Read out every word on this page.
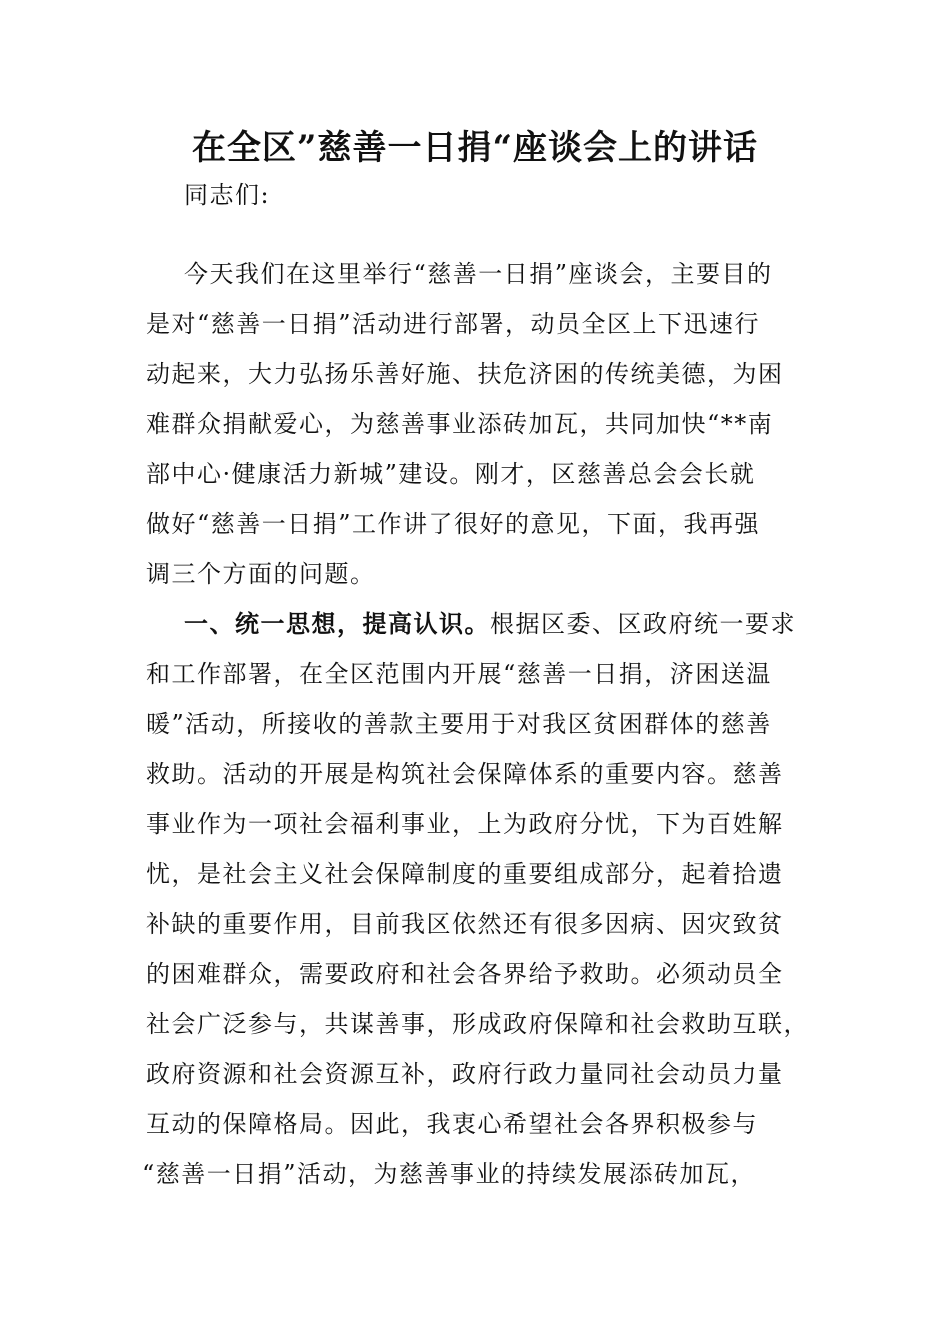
在全区”慈善一日捐“座谈会上的讲话
同志们:
今天我们在这里举行“慈善一日捐”座谈会，主要目的
是对“慈善一日捐”活动进行部署，动员全区上下迅速行
动起来，大力弘扬乐善好施、扶危济困的传统美德，为困
难群众捐献爱心，为慈善事业添砖加瓦，共同加快“**南
部中心·健康活力新城”建设。刚才，区慈善总会会长就
做好“慈善一日捐”工作讲了很好的意见，下面，我再强
调三个方面的问题。
一、统一思想，提高认识。根据区委、区政府统一要求
和工作部署，在全区范围内开展“慈善一日捐，济困送温
暖”活动，所接收的善款主要用于对我区贫困群体的慈善
救助。活动的开展是构筑社会保障体系的重要内容。慈善
事业作为一项社会福利事业，上为政府分忧，下为百姓解
忧，是社会主义社会保障制度的重要组成部分，起着拾遗
补缺的重要作用，目前我区依然还有很多因病、因灾致贫
的困难群众，需要政府和社会各界给予救助。必须动员全
社会广泛参与，共谋善事，形成政府保障和社会救助互联，
政府资源和社会资源互补，政府行政力量同社会动员力量
互动的保障格局。因此，我衷心希望社会各界积极参与
“慈善一日捐”活动，为慈善事业的持续发展添砖加瓦，
